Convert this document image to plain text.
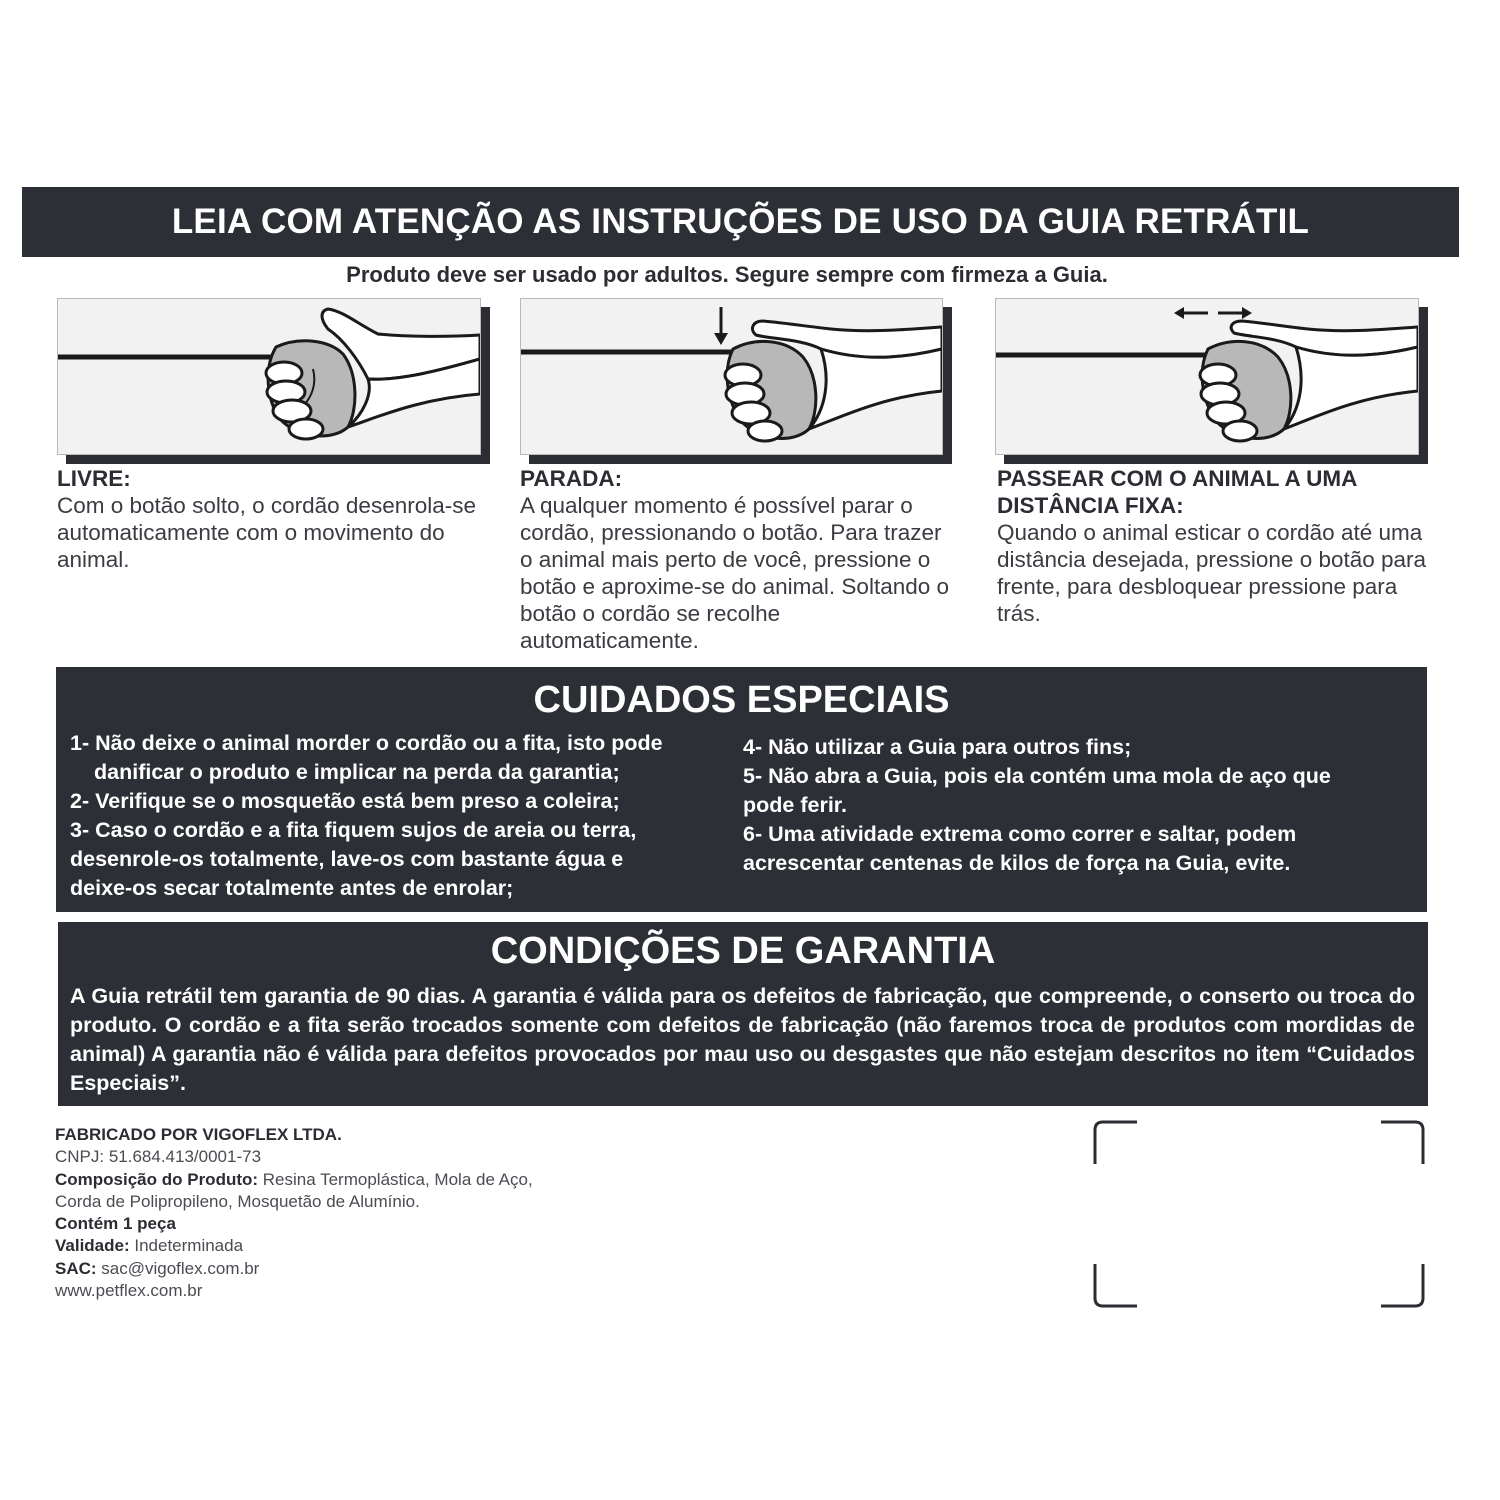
LEIA COM ATENÇÃO AS INSTRUÇÕES DE USO DA GUIA RETRÁTIL
Produto deve ser usado por adultos. Segure sempre com firmeza a Guia.
LIVRE:
Com o botão solto, o cordão desenrola-se automaticamente com o movimento do animal.
PARADA:
A qualquer momento é possível parar o cordão, pressionando o botão. Para trazer o animal mais perto de você, pressione o botão e aproxime-se do animal. Soltando o botão o cordão se recolhe automaticamente.
PASSEAR COM O ANIMAL A UMA DISTÂNCIA FIXA:
Quando o animal esticar o cordão até uma distância desejada, pressione o botão para frente, para desbloquear pressione para trás.
CUIDADOS ESPECIAIS

1- Não deixe o animal morder o cordão ou a fita, isto pode

danificar o produto e implicar na perda da garantia;

2- Verifique se o mosquetão está bem preso a coleira;

3- Caso o cordão e a fita fiquem sujos de areia ou terra,

desenrole-os totalmente, lave-os com bastante água e

deixe-os secar totalmente antes de enrolar;

4- Não utilizar a Guia para outros fins;

5- Não abra a Guia, pois ela contém uma mola de aço que

pode ferir.

6- Uma atividade extrema como correr e saltar, podem

acrescentar centenas de kilos de força na Guia, evite.

CONDIÇÕES DE GARANTIA
A Guia retrátil tem garantia de 90 dias. A garantia é válida para os defeitos de fabricação, que compreende, o conserto ou troca do produto. O cordão e a fita serão trocados somente com defeitos de fabricação (não faremos troca de produtos com mordidas de animal) A garantia não é válida para defeitos provocados por mau uso ou desgastes que não estejam descritos no item “Cuidados Especiais”.

FABRICADO POR VIGOFLEX LTDA.

CNPJ: 51.684.413/0001-73

Composição do Produto: Resina Termoplástica, Mola de Aço,

Corda de Polipropileno, Mosquetão de Alumínio.

Contém 1 peça

Validade: Indeterminada

SAC: sac@vigoflex.com.br

www.petflex.com.br
